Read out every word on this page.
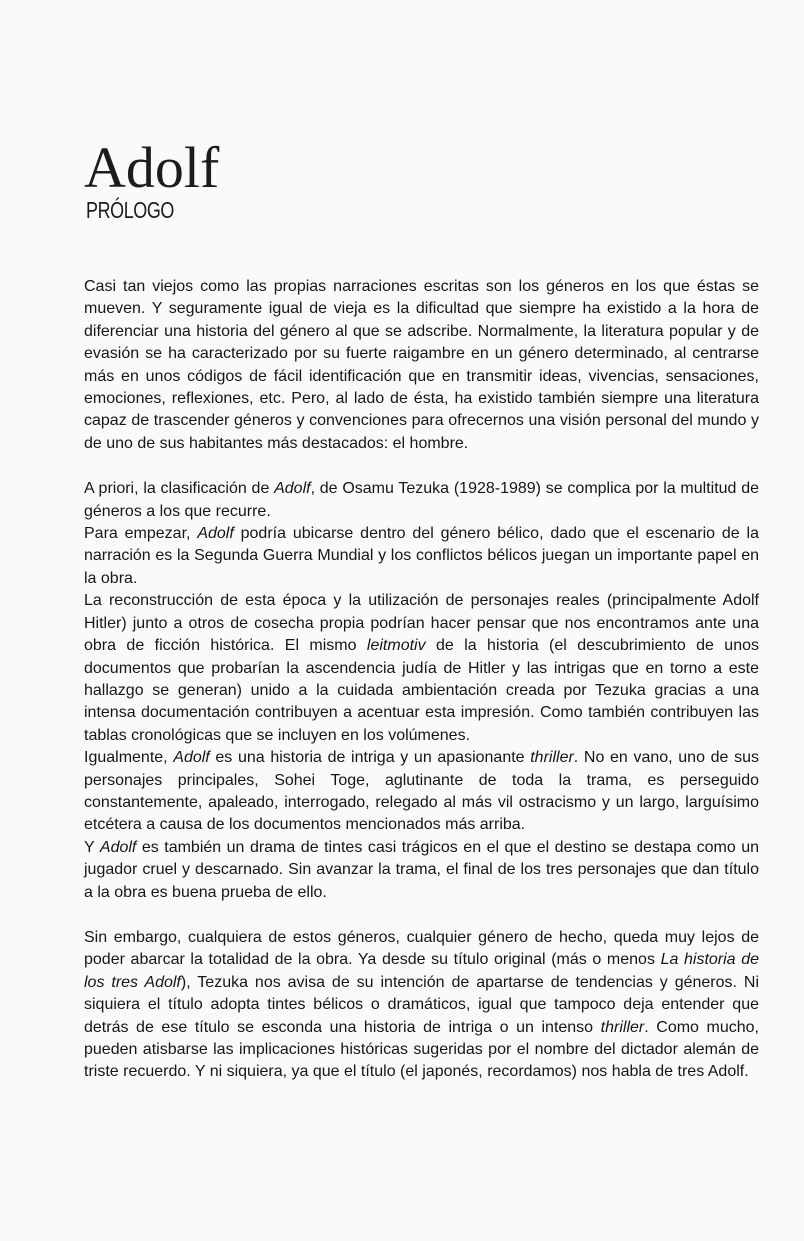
Adolf
PRÓLOGO

Casi tan viejos como las propias narraciones escritas son los géneros en los que éstas se mueven. Y seguramente igual de vieja es la dificultad que siempre ha existido a la hora de diferenciar una historia del género al que se adscribe. Normalmente, la literatura popular y de evasión se ha caracterizado por su fuerte raigambre en un género determinado, al centrarse más en unos códigos de fácil identificación que en transmitir ideas, vivencias, sensaciones, emociones, reflexiones, etc. Pero, al lado de ésta, ha existido también siempre una literatura capaz de trascender géneros y convenciones para ofrecernos una visión personal del mundo y de uno de sus habitantes más destacados: el hombre.

A priori, la clasificación de Adolf, de Osamu Tezuka (1928-1989) se complica por la multitud de géneros a los que recurre.

Para empezar, Adolf podría ubicarse dentro del género bélico, dado que el escenario de la narración es la Segunda Guerra Mundial y los conflictos bélicos juegan un importante papel en la obra.

La reconstrucción de esta época y la utilización de personajes reales (principalmente Adolf Hitler) junto a otros de cosecha propia podrían hacer pensar que nos encontramos ante una obra de ficción histórica. El mismo leitmotiv de la historia (el descubrimiento de unos documentos que probarían la ascendencia judía de Hitler y las intrigas que en torno a este hallazgo se generan) unido a la cuidada ambientación creada por Tezuka gracias a una intensa documentación contribuyen a acentuar esta impresión. Como también contribuyen las tablas cronológicas que se incluyen en los volúmenes.

Igualmente, Adolf es una historia de intriga y un apasionante thriller. No en vano, uno de sus personajes principales, Sohei Toge, aglutinante de toda la trama, es perseguido constantemente, apaleado, interrogado, relegado al más vil ostracismo y un largo, larguísimo etcétera a causa de los documentos mencionados más arriba.

Y Adolf es también un drama de tintes casi trágicos en el que el destino se destapa como un jugador cruel y descarnado. Sin avanzar la trama, el final de los tres personajes que dan título a la obra es buena prueba de ello.

Sin embargo, cualquiera de estos géneros, cualquier género de hecho, queda muy lejos de poder abarcar la totalidad de la obra. Ya desde su título original (más o menos La historia de los tres Adolf), Tezuka nos avisa de su intención de apartarse de tendencias y géneros. Ni siquiera el título adopta tintes bélicos o dramáticos, igual que tampoco deja entender que detrás de ese título se esconda una historia de intriga o un intenso thriller. Como mucho, pueden atisbarse las implicaciones históricas sugeridas por el nombre del dictador alemán de triste recuerdo. Y ni siquiera, ya que el título (el japonés, recordamos) nos habla de tres Adolf.
